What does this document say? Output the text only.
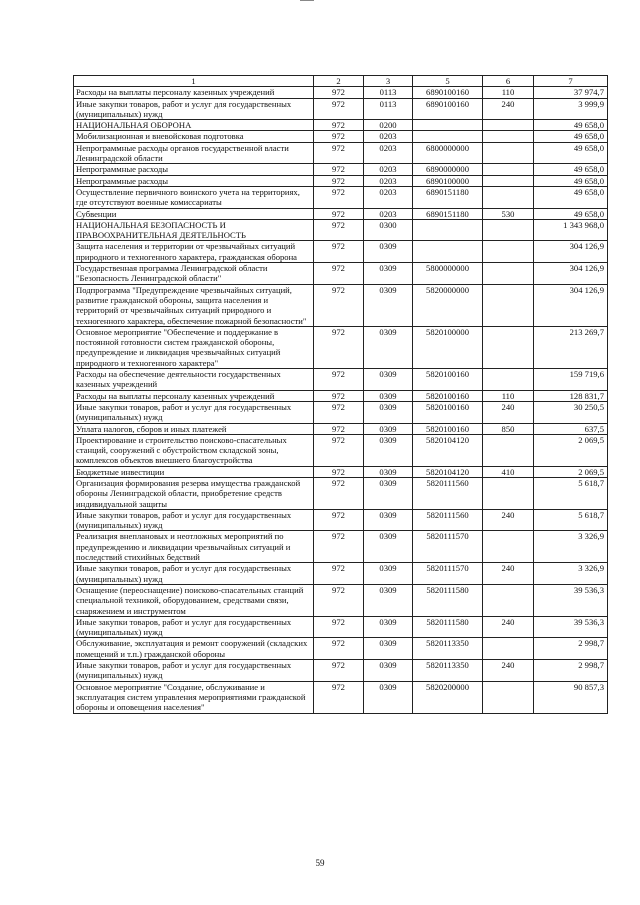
1	2	3	5	6	7
Расходы на выплаты персоналу казенных учреждений	972	0113	6890100160	110	37 974,7
Иные закупки товаров, работ и услуг для государственных (муниципальных) нужд	972	0113	6890100160	240	3 999,9
НАЦИОНАЛЬНАЯ ОБОРОНА	972	0200			49 658,0
Мобилизационная и вневойсковая подготовка	972	0203			49 658,0
Непрограммные расходы органов государственной власти Ленинградской области	972	0203	6800000000		49 658,0
Непрограммные расходы	972	0203	6890000000		49 658,0
Непрограммные расходы	972	0203	6890100000		49 658,0
Осуществление первичного воинского учета на территориях, где отсутствуют военные комиссариаты	972	0203	6890151180		49 658,0
Субвенции	972	0203	6890151180	530	49 658,0
НАЦИОНАЛЬНАЯ БЕЗОПАСНОСТЬ И ПРАВООХРАНИТЕЛЬНАЯ ДЕЯТЕЛЬНОСТЬ	972	0300			1 343 968,0
Защита населения и территории от чрезвычайных ситуаций природного и техногенного характера, гражданская оборона	972	0309			304 126,9
Государственная программа Ленинградской области "Безопасность Ленинградской области"	972	0309	5800000000		304 126,9
Подпрограмма "Предупреждение чрезвычайных ситуаций, развитие гражданской обороны, защита населения и территорий от чрезвычайных ситуаций природного и техногенного характера, обеспечение пожарной безопасности"	972	0309	5820000000		304 126,9
Основное мероприятие "Обеспечение и поддержание в постоянной готовности систем гражданской обороны, предупреждение и ликвидация чрезвычайных ситуаций природного и техногенного характера"	972	0309	5820100000		213 269,7
Расходы на обеспечение деятельности государственных казенных учреждений	972	0309	5820100160		159 719,6
Расходы на выплаты персоналу казенных учреждений	972	0309	5820100160	110	128 831,7
Иные закупки товаров, работ и услуг для государственных (муниципальных) нужд	972	0309	5820100160	240	30 250,5
Уплата налогов, сборов и иных платежей	972	0309	5820100160	850	637,5
Проектирование и строительство поисково-спасательных станций, сооружений с обустройством складской зоны, комплексов объектов внешнего благоустройства	972	0309	5820104120		2 069,5
Бюджетные инвестиции	972	0309	5820104120	410	2 069,5
Организация формирования резерва имущества гражданской обороны Ленинградской области, приобретение средств индивидуальной защиты	972	0309	5820111560		5 618,7
Иные закупки товаров, работ и услуг для государственных (муниципальных) нужд	972	0309	5820111560	240	5 618,7
Реализация внеплановых и неотложных мероприятий по предупреждению и ликвидации чрезвычайных ситуаций и последствий стихийных бедствий	972	0309	5820111570		3 326,9
Иные закупки товаров, работ и услуг для государственных (муниципальных) нужд	972	0309	5820111570	240	3 326,9
Оснащение (переоснащение) поисково-спасательных станций специальной техникой, оборудованием, средствами связи, снаряжением и инструментом	972	0309	5820111580		39 536,3
Иные закупки товаров, работ и услуг для государственных (муниципальных) нужд	972	0309	5820111580	240	39 536,3
Обслуживание, эксплуатация и ремонт сооружений (складских помещений и т.п.) гражданской обороны	972	0309	5820113350		2 998,7
Иные закупки товаров, работ и услуг для государственных (муниципальных) нужд	972	0309	5820113350	240	2 998,7
Основное мероприятие "Создание, обслуживание и эксплуатация систем управления мероприятиями гражданской обороны и оповещения населения"	972	0309	5820200000		90 857,3
59
